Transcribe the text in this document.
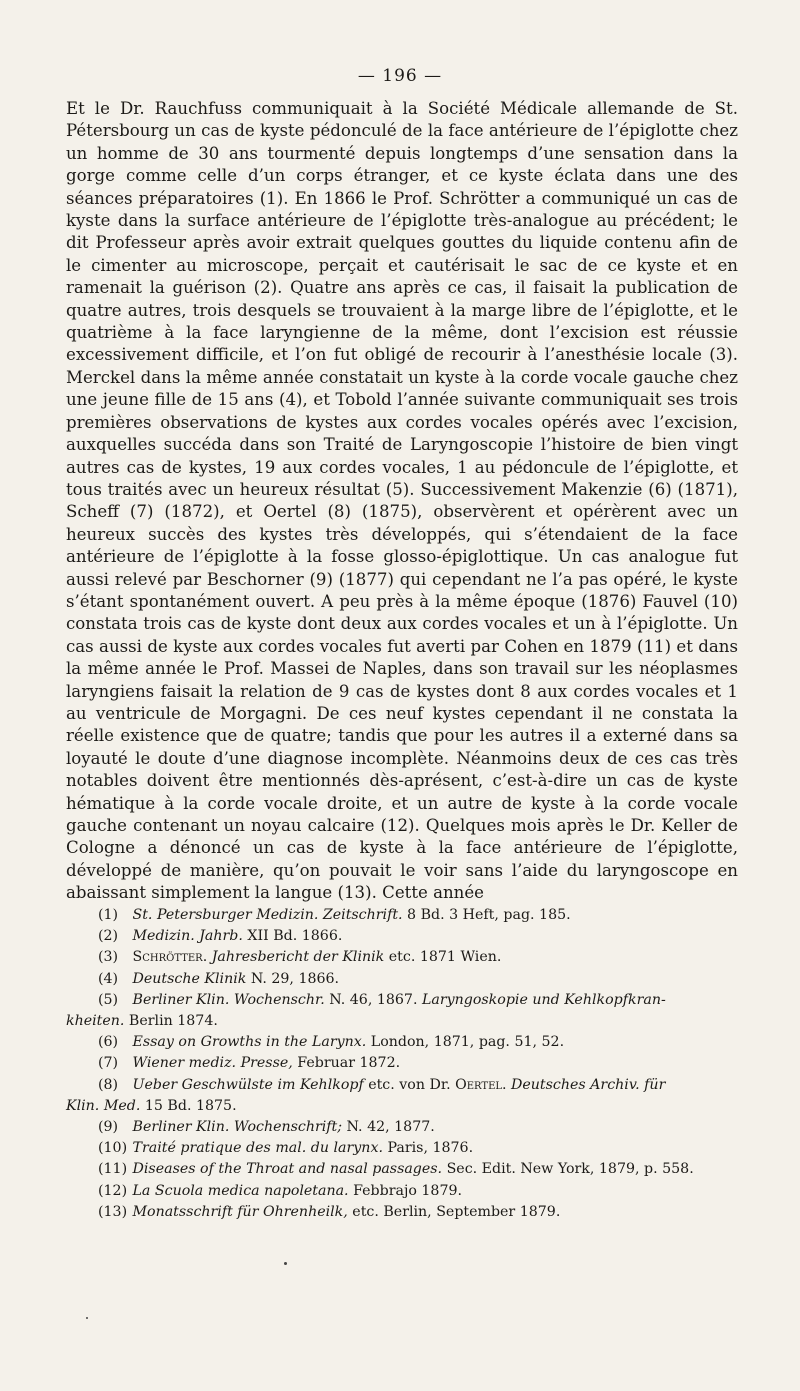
— 196 —

Et le Dr. Rauchfuss communiquait à la Société Médicale allemande de St. Pétersbourg un cas de kyste pédonculé de la face antérieure de l’épiglotte chez un homme de 30 ans tourmenté depuis longtemps d’une sensation dans la gorge comme celle d’un corps étranger, et ce kyste éclata dans une des séances préparatoires (1). En 1866 le Prof. Schrötter a communiqué un cas de kyste dans la surface antérieure de l’épiglotte très-analogue au précédent; le dit Professeur après avoir extrait quelques gouttes du liquide contenu afin de le cimenter au microscope, perçait et cautérisait le sac de ce kyste et en ramenait la guérison (2). Quatre ans après ce cas, il faisait la publication de quatre autres, trois desquels se trouvaient à la marge libre de l’épiglotte, et le quatrième à la face laryngienne de la même, dont l’excision est réussie excessivement difficile, et l’on fut obligé de recourir à l’anesthésie locale (3). Merckel dans la même année constatait un kyste à la corde vocale gauche chez une jeune fille de 15 ans (4), et Tobold l’année suivante communiquait ses trois premières observations de kystes aux cordes vocales opérés avec l’excision, auxquelles succéda dans son Traité de Laryngoscopie l’histoire de bien vingt autres cas de kystes, 19 aux cordes vocales, 1 au pédoncule de l’épiglotte, et tous traités avec un heureux résultat (5). Successivement Makenzie (6) (1871), Scheff (7) (1872), et Oertel (8) (1875), observèrent et opérèrent avec un heureux succès des kystes très développés, qui s’étendaient de la face antérieure de l’épiglotte à la fosse glosso-épiglottique. Un cas analogue fut aussi relevé par Beschorner (9) (1877) qui cependant ne l’a pas opéré, le kyste s’étant spontanément ouvert. A peu près à la même époque (1876) Fauvel (10) constata trois cas de kyste dont deux aux cordes vocales et un à l’épiglotte. Un cas aussi de kyste aux cordes vocales fut averti par Cohen en 1879 (11) et dans la même année le Prof. Massei de Naples, dans son travail sur les néoplasmes laryngiens faisait la relation de 9 cas de kystes dont 8 aux cordes vocales et 1 au ventricule de Morgagni. De ces neuf kystes cependant il ne constata la réelle existence que de quatre; tandis que pour les autres il a externé dans sa loyauté le doute d’une diagnose incomplète. Néanmoins deux de ces cas très notables doivent être mentionnés dès-aprésent, c’est-à-dire un cas de kyste hématique à la corde vocale droite, et un autre de kyste à la corde vocale gauche contenant un noyau calcaire (12). Quelques mois après le Dr. Keller de Cologne a dénoncé un cas de kyste à la face antérieure de l’épiglotte, développé de manière, qu’on pouvait le voir sans l’aide du laryngoscope en abaissant simplement la langue (13). Cette année

(1) St. Petersburger Medizin. Zeitschrift. 8 Bd. 3 Heft, pag. 185.

(2) Medizin. Jahrb. XII Bd. 1866.

(3) Schrötter. Jahresbericht der Klinik etc. 1871 Wien.

(4) Deutsche Klinik N. 29, 1866.

(5) Berliner Klin. Wochenschr. N. 46, 1867. Laryngoskopie und Kehlkopfkran-
kheiten. Berlin 1874.

(6) Essay on Growths in the Larynx. London, 1871, pag. 51, 52.

(7) Wiener mediz. Presse, Februar 1872.

(8) Ueber Geschwülste im Kehlkopf etc. von Dr. Oertel. Deutsches Archiv. für
Klin. Med. 15 Bd. 1875.

(9) Berliner Klin. Wochenschrift; N. 42, 1877.

(10) Traité pratique des mal. du larynx. Paris, 1876.

(11) Diseases of the Throat and nasal passages. Sec. Edit. New York, 1879, p. 558.

(12) La Scuola medica napoletana. Febbrajo 1879.

(13) Monatsschrift für Ohrenheilk, etc. Berlin, September 1879.
